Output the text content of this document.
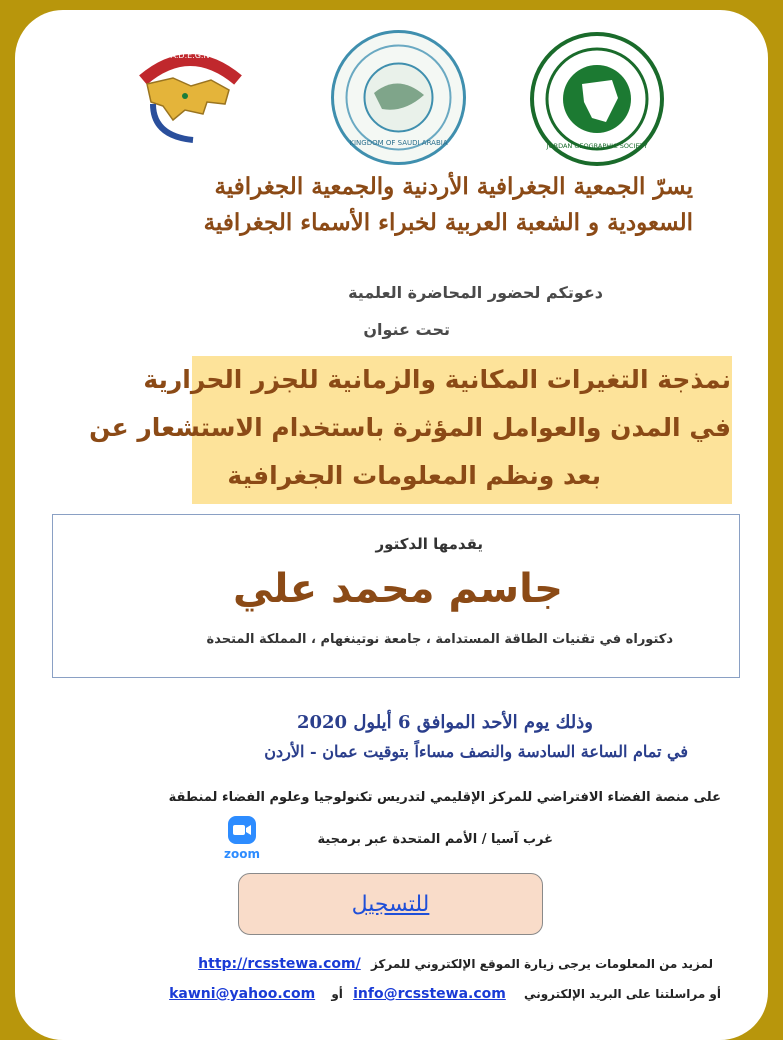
A.D.E.G.N
KINGDOM OF SAUDI ARABIA	JORDAN GEOGRAPHIC SOCIETY
يسرّ الجمعية الجغرافية الأردنية والجمعية الجغرافية
السعودية و الشعبة العربية لخبراء الأسماء الجغرافية
دعوتكم لحضور المحاضرة العلمية
تحت عنوان
نمذجة التغيرات المكانية والزمانية للجزر الحرارية
في المدن والعوامل المؤثرة باستخدام الاستشعار عن
بعد ونظم المعلومات الجغرافية
يقدمها الدكتور
جاسم محمد علي
دكتوراه في تقنيات الطاقة المستدامة ، جامعة نوتينغهام ، المملكة المتحدة
وذلك يوم الأحد الموافق 6 أيلول 2020
في تمام الساعة السادسة والنصف مساءاً بتوقيت عمان - الأردن
على منصة الفضاء الافتراضي للمركز الإقليمي لتدريس تكنولوجيا وعلوم الفضاء لمنطقة
غرب آسيا / الأمم المتحدة عبر برمجية
zoom
للتسجيل
لمزيد من المعلومات يرجى زيارة الموقع الإلكتروني للمركز http://rcsstewa.com/
أو مراسلتنا على البريد الإلكتروني info@rcsstewa.com أو kawni@yahoo.com
